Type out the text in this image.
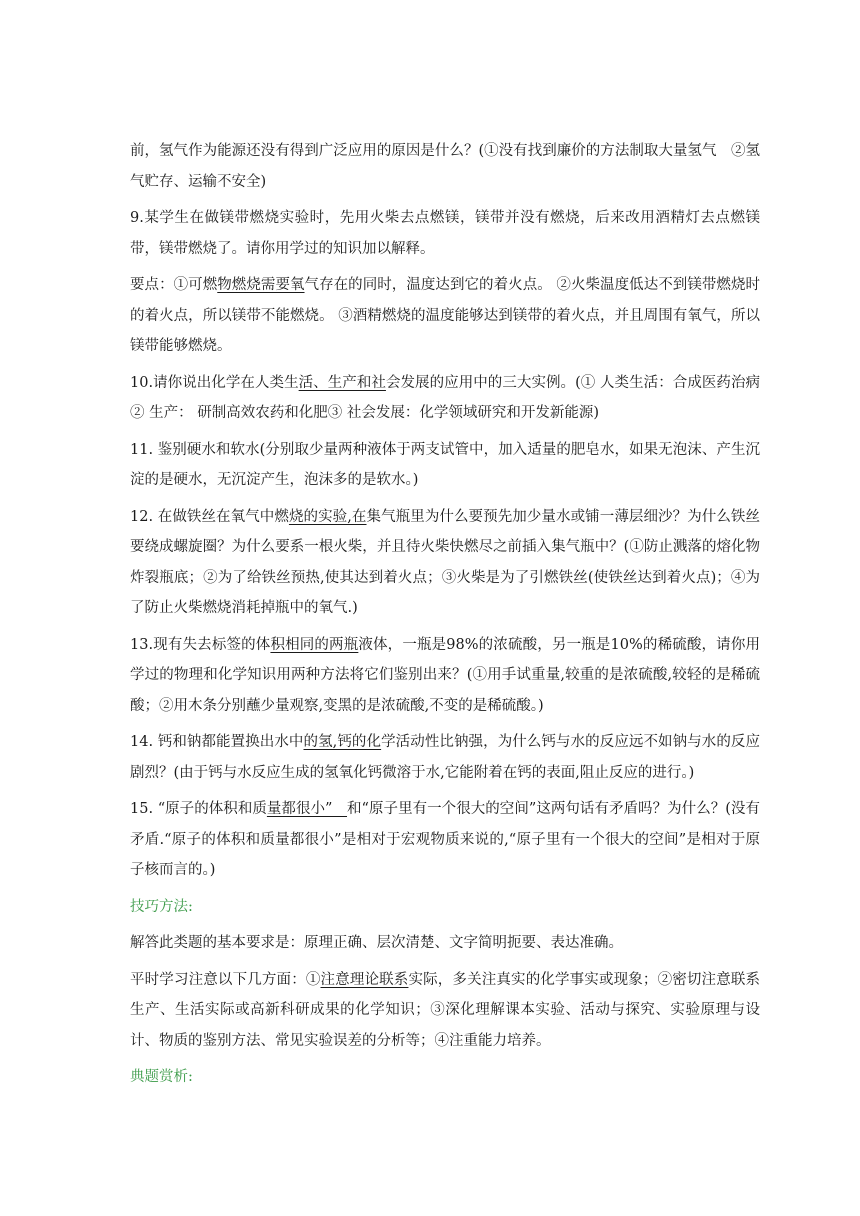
前，氢气作为能源还没有得到广泛应用的原因是什么？(①没有找到廉价的方法制取大量氢气　②氢气贮存、运输不安全)

9.某学生在做镁带燃烧实验时，先用火柴去点燃镁，镁带并没有燃烧，后来改用酒精灯去点燃镁带，镁带燃烧了。请你用学过的知识加以解释。

要点：①可燃物燃烧需要氧气存在的同时，温度达到它的着火点。 ②火柴温度低达不到镁带燃烧时的着火点，所以镁带不能燃烧。 ③酒精燃烧的温度能够达到镁带的着火点，并且周围有氧气，所以镁带能够燃烧。

10.请你说出化学在人类生活、生产和社会发展的应用中的三大实例。(① 人类生活：合成医药治病② 生产： 研制高效农药和化肥③ 社会发展：化学领域研究和开发新能源)

11. 鉴别硬水和软水(分别取少量两种液体于两支试管中，加入适量的肥皂水，如果无泡沫、产生沉淀的是硬水，无沉淀产生，泡沫多的是软水。)

12. 在做铁丝在氧气中燃烧的实验,在集气瓶里为什么要预先加少量水或铺一薄层细沙？为什么铁丝要绕成螺旋圈？为什么要系一根火柴，并且待火柴快燃尽之前插入集气瓶中？(①防止溅落的熔化物炸裂瓶底；②为了给铁丝预热,使其达到着火点；③火柴是为了引燃铁丝(使铁丝达到着火点)；④为了防止火柴燃烧消耗掉瓶中的氧气.)

13.现有失去标签的体积相同的两瓶液体，一瓶是98%的浓硫酸，另一瓶是10%的稀硫酸，请你用学过的物理和化学知识用两种方法将它们鉴别出来？(①用手试重量,较重的是浓硫酸,较轻的是稀硫酸；②用木条分别蘸少量观察,变黑的是浓硫酸,不变的是稀硫酸。)

14. 钙和钠都能置换出水中的氢,钙的化学活动性比钠强，为什么钙与水的反应远不如钠与水的反应剧烈？(由于钙与水反应生成的氢氧化钙微溶于水,它能附着在钙的表面,阻止反应的进行。)

15. “原子的体积和质量都很小”　和“原子里有一个很大的空间”这两句话有矛盾吗？为什么？(没有矛盾.“原子的体积和质量都很小”是相对于宏观物质来说的,“原子里有一个很大的空间”是相对于原子核而言的。)

技巧方法:

解答此类题的基本要求是：原理正确、层次清楚、文字简明扼要、表达准确。

平时学习注意以下几方面：①注意理论联系实际，多关注真实的化学事实或现象；②密切注意联系生产、生活实际或高新科研成果的化学知识；③深化理解课本实验、活动与探究、实验原理与设计、物质的鉴别方法、常见实验误差的分析等；④注重能力培养。

典题赏析:
